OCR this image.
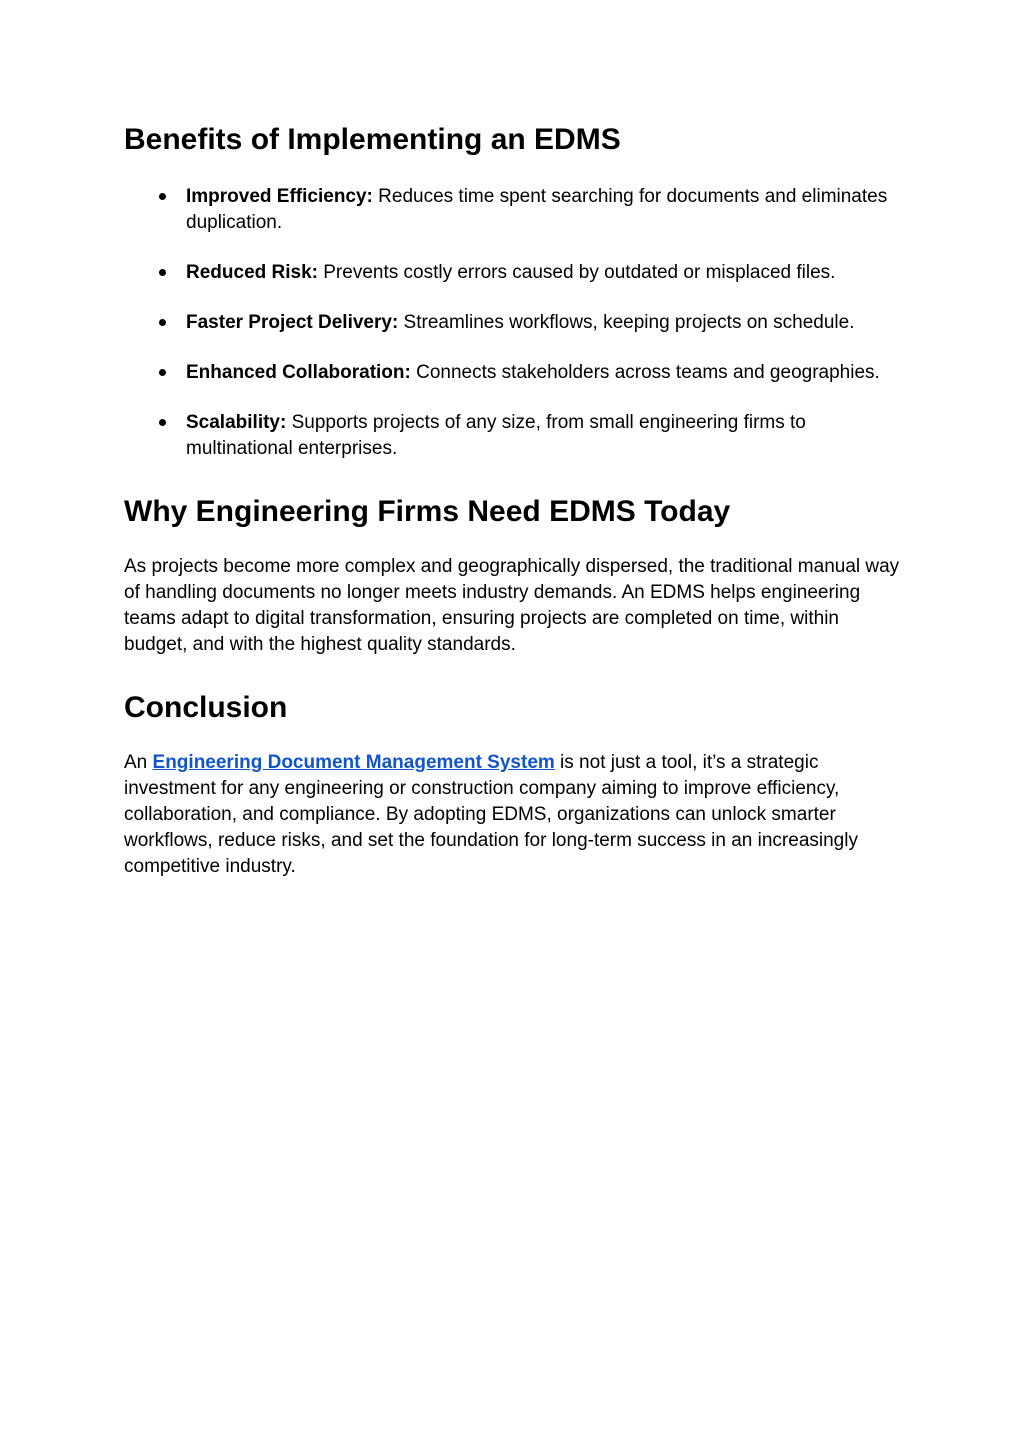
Benefits of Implementing an EDMS
Improved Efficiency: Reduces time spent searching for documents and eliminates duplication.
Reduced Risk: Prevents costly errors caused by outdated or misplaced files.
Faster Project Delivery: Streamlines workflows, keeping projects on schedule.
Enhanced Collaboration: Connects stakeholders across teams and geographies.
Scalability: Supports projects of any size, from small engineering firms to multinational enterprises.
Why Engineering Firms Need EDMS Today

As projects become more complex and geographically dispersed, the traditional manual way of handling documents no longer meets industry demands. An EDMS helps engineering teams adapt to digital transformation, ensuring projects are completed on time, within budget, and with the highest quality standards.

Conclusion

An Engineering Document Management System is not just a tool, it’s a strategic investment for any engineering or construction company aiming to improve efficiency, collaboration, and compliance. By adopting EDMS, organizations can unlock smarter workflows, reduce risks, and set the foundation for long-term success in an increasingly competitive industry.
